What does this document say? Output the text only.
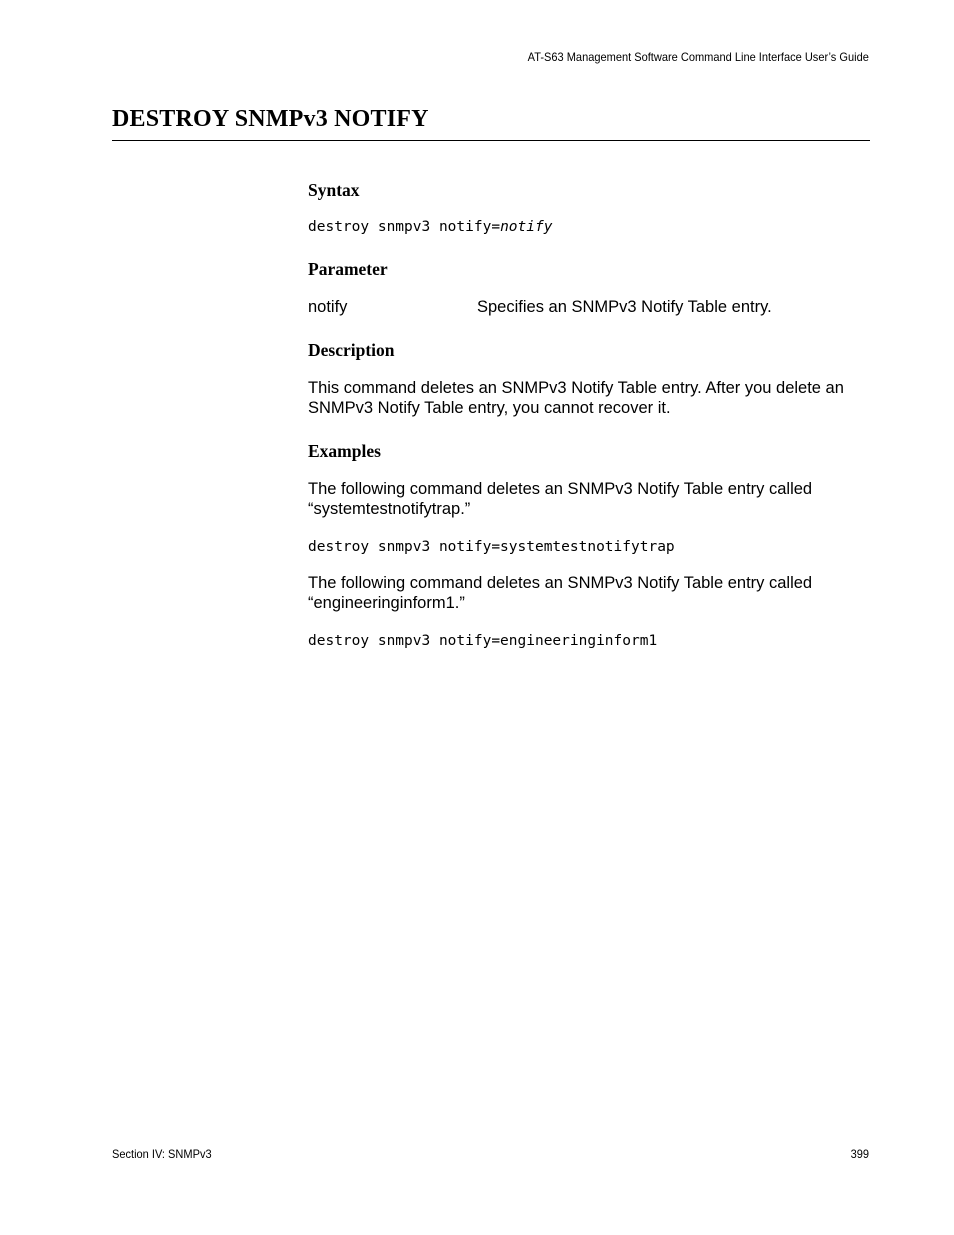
AT-S63 Management Software Command Line Interface User’s Guide
DESTROY SNMPv3 NOTIFY
Syntax
destroy snmpv3 notify=notify
Parameter

notify	Specifies an SNMPv3 Notify Table entry.

Description

This command deletes an SNMPv3 Notify Table entry. After you delete an

SNMPv3 Notify Table entry, you cannot recover it.

Examples

The following command deletes an SNMPv3 Notify Table entry called

“systemtestnotifytrap.”

destroy snmpv3 notify=systemtestnotifytrap

The following command deletes an SNMPv3 Notify Table entry called

“engineeringinform1.”

destroy snmpv3 notify=engineeringinform1
Section IV: SNMPv3	399
